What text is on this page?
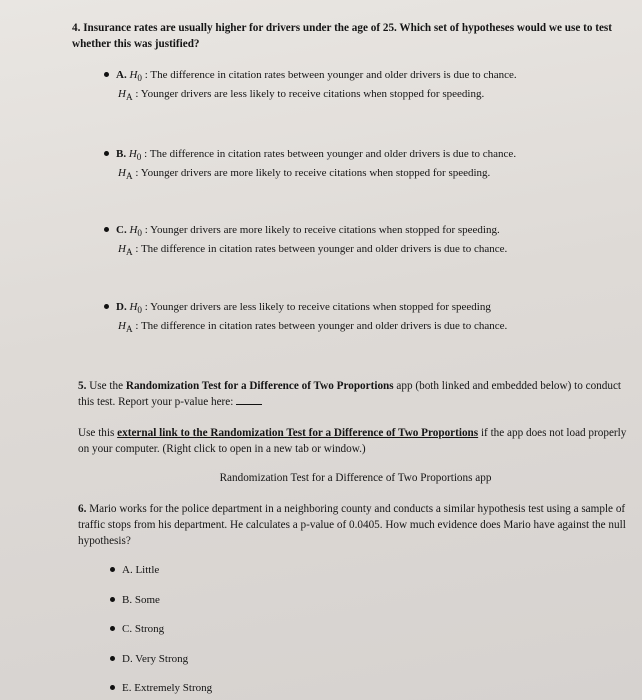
4. Insurance rates are usually higher for drivers under the age of 25. Which set of hypotheses would we use to test whether this was justified?
A. $H_0$ : The difference in citation rates between younger and older drivers is due to chance.
$H_A$ : Younger drivers are less likely to receive citations when stopped for speeding.
B. $H_0$ : The difference in citation rates between younger and older drivers is due to chance.
$H_A$ : Younger drivers are more likely to receive citations when stopped for speeding.
C. $H_0$ : Younger drivers are more likely to receive citations when stopped for speeding.
$H_A$ : The difference in citation rates between younger and older drivers is due to chance.
D. $H_0$ : Younger drivers are less likely to receive citations when stopped for speeding
$H_A$ : The difference in citation rates between younger and older drivers is due to chance.
5. Use the Randomization Test for a Difference of Two Proportions app (both linked and embedded below) to conduct this test. Report your p-value here:
Use this external link to the Randomization Test for a Difference of Two Proportions if the app does not load properly on your computer. (Right click to open in a new tab or window.)
Randomization Test for a Difference of Two Proportions app
6. Mario works for the police department in a neighboring county and conducts a similar hypothesis test using a sample of traffic stops from his department. He calculates a p-value of 0.0405. How much evidence does Mario have against the null hypothesis?
A. Little
B. Some
C. Strong
D. Very Strong
E. Extremely Strong
